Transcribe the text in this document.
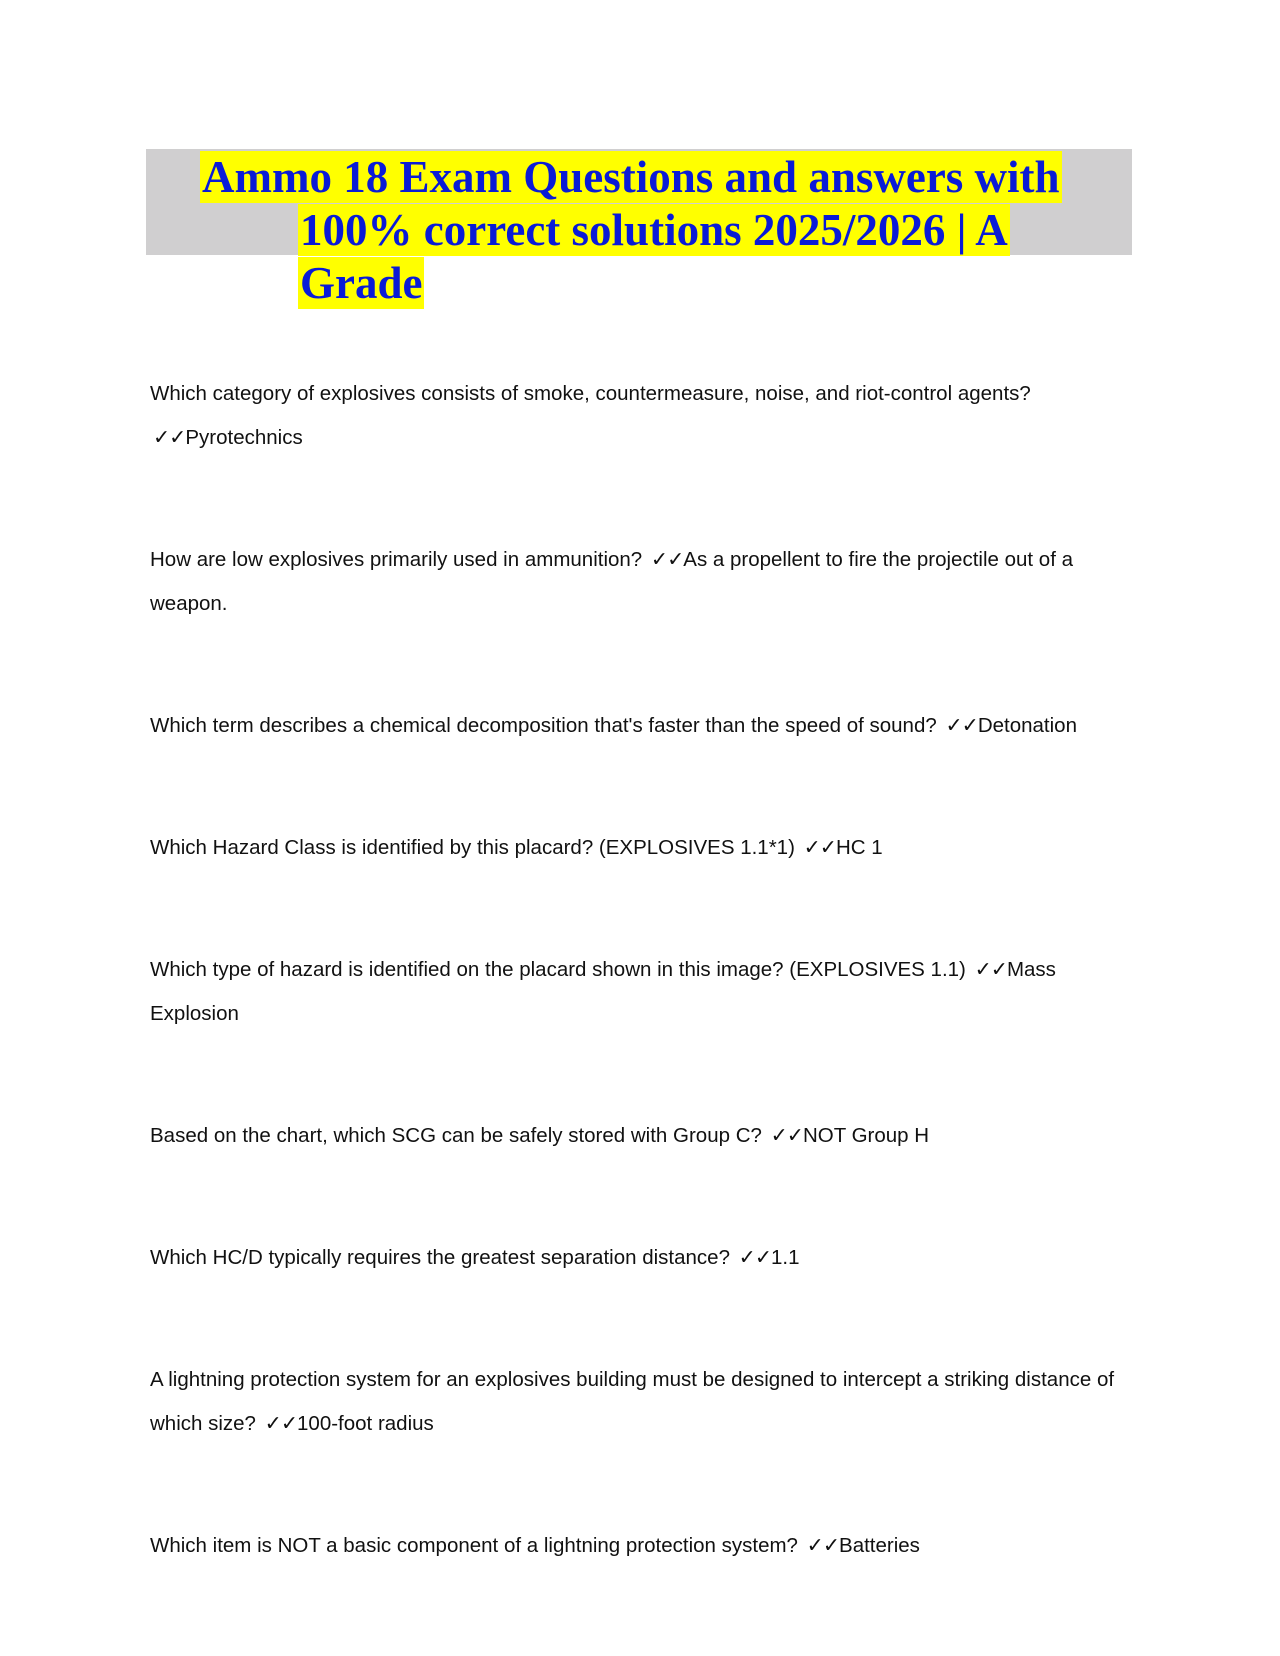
Ammo 18 Exam Questions and answers with
100% correct solutions 2025/2026 | A
Grade

Which category of explosives consists of smoke, countermeasure, noise, and riot-control agents?
✓✓Pyrotechnics

How are low explosives primarily used in ammunition? ✓✓As a propellent to fire the projectile out of a weapon.

Which term describes a chemical decomposition that's faster than the speed of sound? ✓✓Detonation

Which Hazard Class is identified by this placard? (EXPLOSIVES 1.1*1) ✓✓HC 1

Which type of hazard is identified on the placard shown in this image? (EXPLOSIVES 1.1) ✓✓Mass Explosion

Based on the chart, which SCG can be safely stored with Group C? ✓✓NOT Group H

Which HC/D typically requires the greatest separation distance? ✓✓1.1

A lightning protection system for an explosives building must be designed to intercept a striking distance of which size? ✓✓100-foot radius

Which item is NOT a basic component of a lightning protection system? ✓✓Batteries
